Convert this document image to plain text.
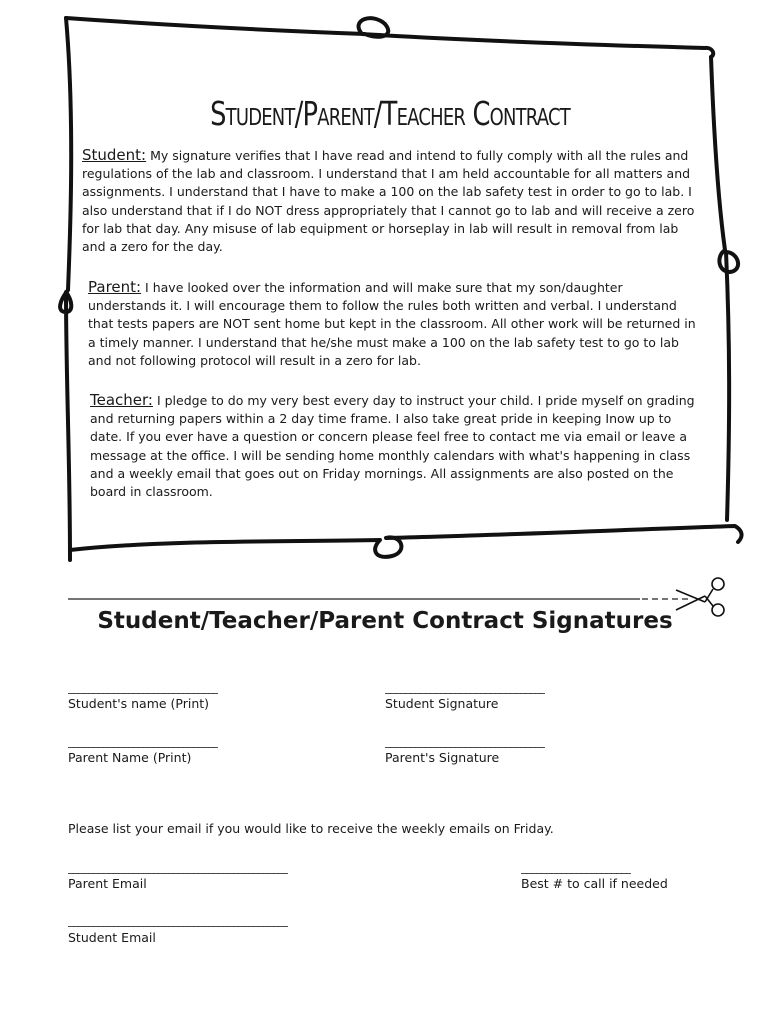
Student/Parent/Teacher Contract

Student: My signature verifies that I have read and intend to fully comply with all the rules and regulations of the lab and classroom. I understand that I am held accountable for all matters and assignments. I understand that I have to make a 100 on the lab safety test in order to go to lab. I also understand that if I do NOT dress appropriately that I cannot go to lab and will receive a zero for lab that day. Any misuse of lab equipment or horseplay in lab will result in removal from lab and a zero for the day.

Parent: I have looked over the information and will make sure that my son/daughter understands it. I will encourage them to follow the rules both written and verbal. I understand that tests papers are NOT sent home but kept in the classroom. All other work will be returned in a timely manner. I understand that he/she must make a 100 on the lab safety test to go to lab and not following protocol will result in a zero for lab.

Teacher: I pledge to do my very best every day to instruct your child. I pride myself on grading and returning papers within a 2 day time frame. I also take great pride in keeping Inow up to date. If you ever have a question or concern please feel free to contact me via email or leave a message at the office. I will be sending home monthly calendars with what's happening in class and a weekly email that goes out on Friday mornings. All assignments are also posted on the board in classroom.

Student/Teacher/Parent Contract Signatures
______________________________
Student's name (Print)
________________________________
Student Signature
______________________________
Parent Name (Print)
________________________________
Parent's Signature
Please list your email if you would like to receive the weekly emails on Friday.
____________________________________________
Parent Email
______________________
Best # to call if needed
____________________________________________
Student Email
